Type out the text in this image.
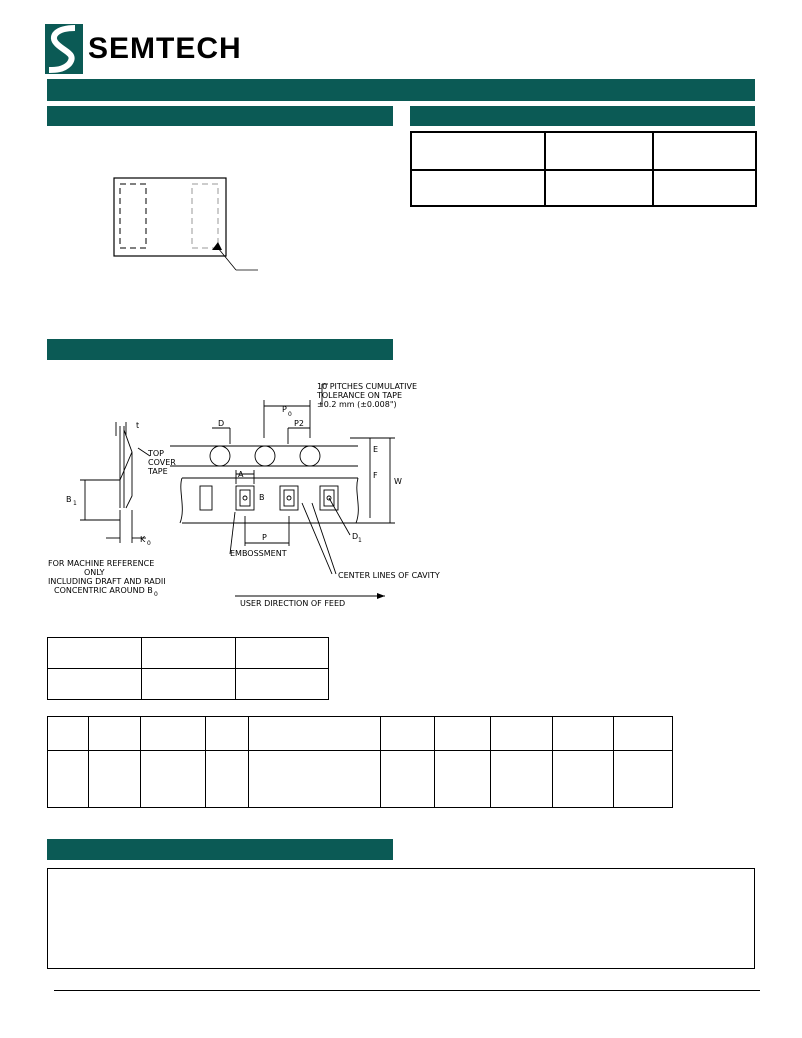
SEMTECH

10 PITCHES CUMULATIVE
TOLERANCE ON TAPE
±0.2 mm (±0.008")
t
TOP
COVER
TAPE
D
P
0
P2
E
F
W
A
B
B 1
K 0
P	D 1
EMBOSSMENT
CENTER LINES OF CAVITY
USER DIRECTION OF FEED
FOR MACHINE REFERENCE
ONLY
INCLUDING DRAFT AND RADII
CONCENTRIC AROUND B 0
